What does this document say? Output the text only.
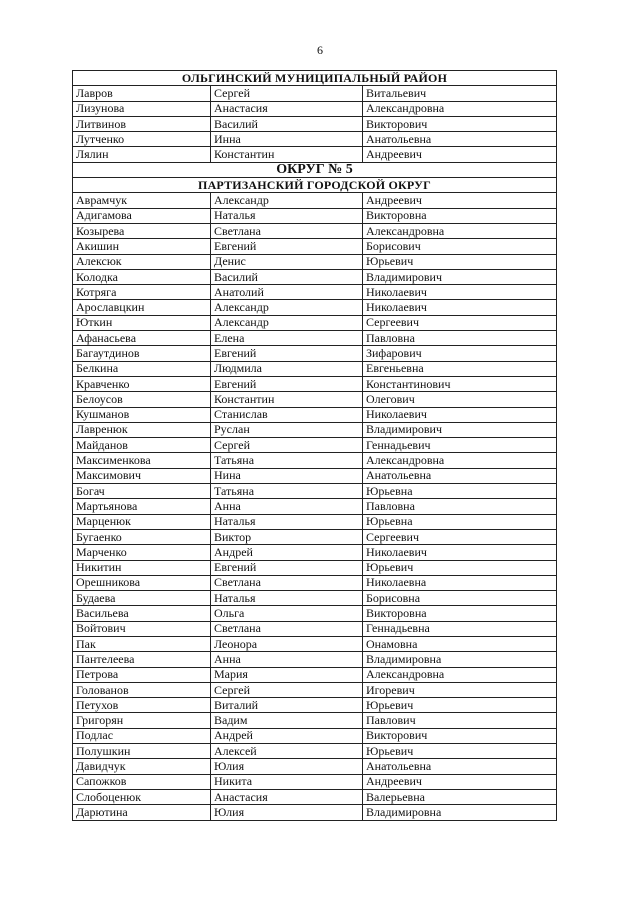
6
ОЛЬГИНСКИЙ МУНИЦИПАЛЬНЫЙ РАЙОН		
Лавров	Сергей	Витальевич
Лизунова	Анастасия	Александровна
Литвинов	Василий	Викторович
Лутченко	Инна	Анатольевна
Лялин	Константин	Андреевич
ОКРУГ № 5		
ПАРТИЗАНСКИЙ ГОРОДСКОЙ ОКРУГ		
Аврамчук	Александр	Андреевич
Адигамова	Наталья	Викторовна
Козырева	Светлана	Александровна
Акишин	Евгений	Борисович
Алексюк	Денис	Юрьевич
Колодка	Василий	Владимирович
Котряга	Анатолий	Николаевич
Арославцкин	Александр	Николаевич
Юткин	Александр	Сергеевич
Афанасьева	Елена	Павловна
Багаутдинов	Евгений	Зифарович
Белкина	Людмила	Евгеньевна
Кравченко	Евгений	Константинович
Белоусов	Константин	Олегович
Кушманов	Станислав	Николаевич
Лавренюк	Руслан	Владимирович
Майданов	Сергей	Геннадьевич
Максименкова	Татьяна	Александровна
Максимович	Нина	Анатольевна
Богач	Татьяна	Юрьевна
Мартьянова	Анна	Павловна
Марценюк	Наталья	Юрьевна
Бугаенко	Виктор	Сергеевич
Марченко	Андрей	Николаевич
Никитин	Евгений	Юрьевич
Орешникова	Светлана	Николаевна
Будаева	Наталья	Борисовна
Васильева	Ольга	Викторовна
Войтович	Светлана	Геннадьевна
Пак	Леонора	Онамовна
Пантелеева	Анна	Владимировна
Петрова	Мария	Александровна
Голованов	Сергей	Игоревич
Петухов	Виталий	Юрьевич
Григорян	Вадим	Павлович
Подлас	Андрей	Викторович
Полушкин	Алексей	Юрьевич
Давидчук	Юлия	Анатольевна
Сапожков	Никита	Андреевич
Слобоценюк	Анастасия	Валерьевна
Дарютина	Юлия	Владимировна
